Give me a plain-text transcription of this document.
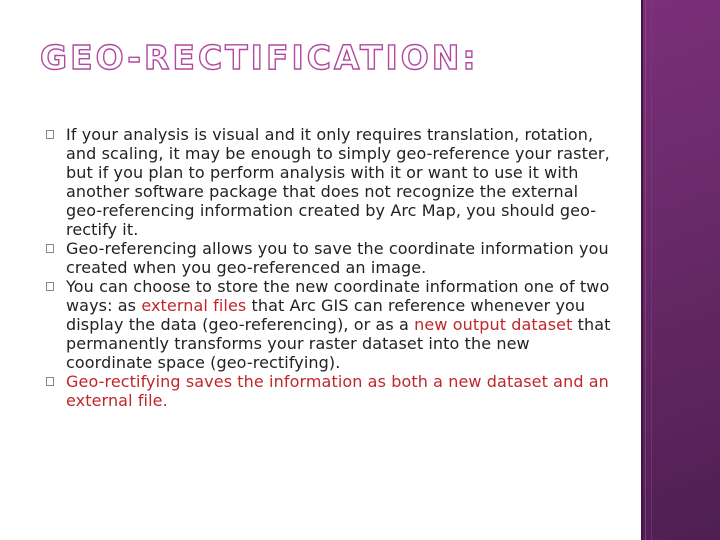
GEO-RECTIFICATION:
If your analysis is visual and it only requires translation, rotation, and scaling, it may be enough to simply geo-reference your raster, but if you plan to perform analysis with it or want to use it with another software package that does not recognize the external geo-referencing information created by Arc Map, you should geo-rectify it.
Geo-referencing allows you to save the coordinate information you created when you geo-referenced an image.
You can choose to store the new coordinate information one of two ways: as external files that Arc GIS can reference whenever you display the data (geo-referencing), or as a new output dataset that permanently transforms your raster dataset into the new coordinate space (geo-rectifying).
Geo-rectifying saves the information as both a new dataset and an external file.
